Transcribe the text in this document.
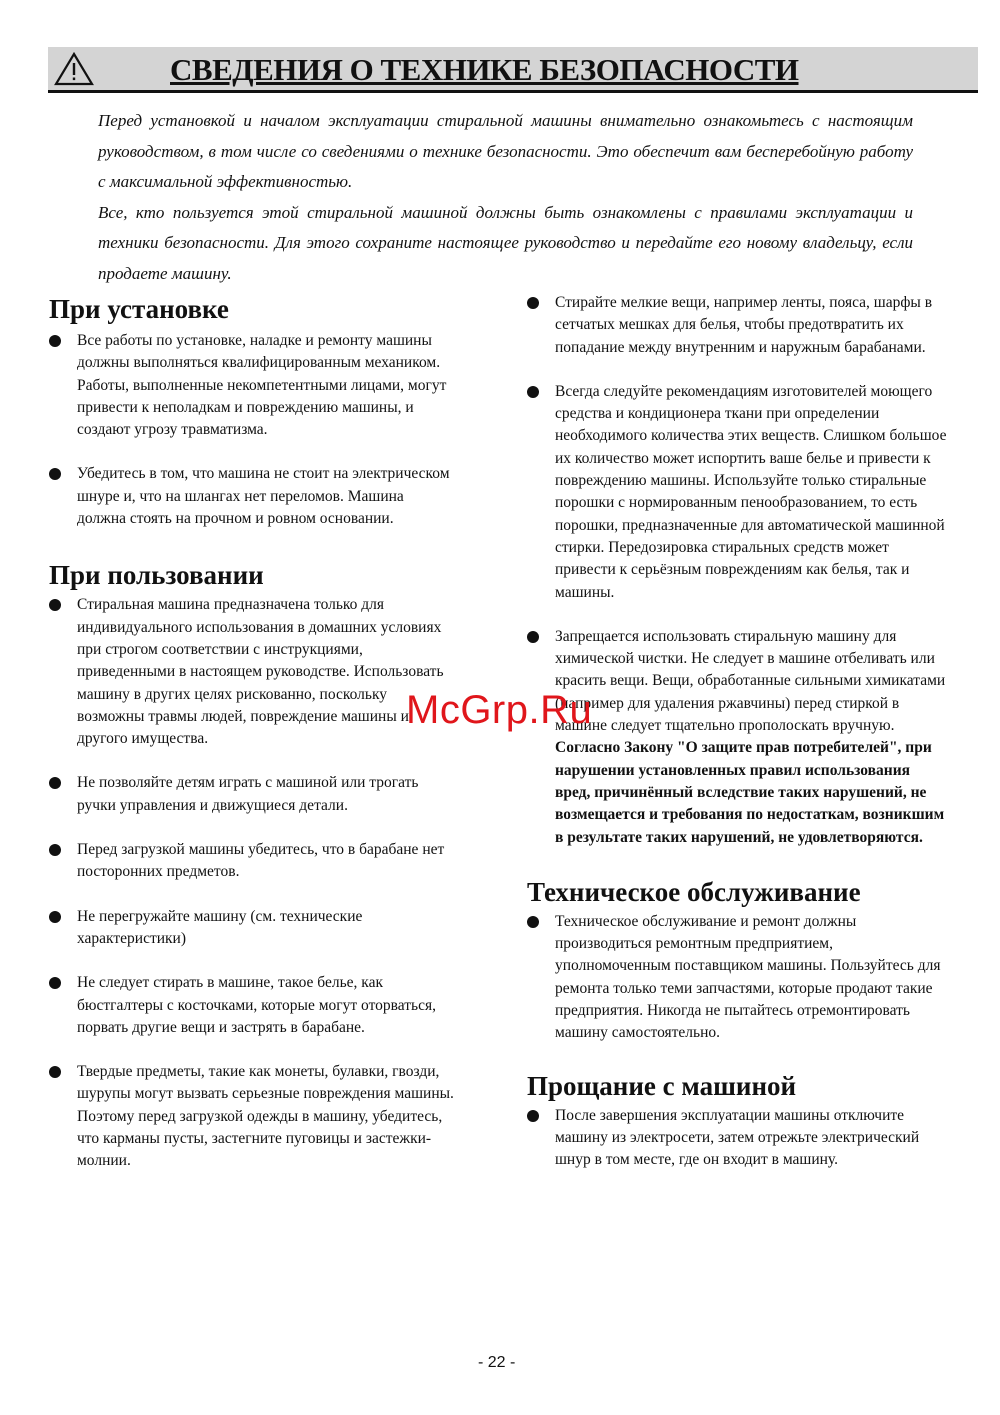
СВЕДЕНИЯ О ТЕХНИКЕ БЕЗОПАСНОСТИ

Перед установкой и началом эксплуатации стиральной машины внимательно ознакомьтесь с настоящим руководством, в том числе со сведениями о технике безопасности. Это обеспечит вам бесперебойную работу с максимальной эффективностью.

Все, кто пользуется этой стиральной машиной должны быть ознакомлены с правилами эксплуатации и техники безопасности. Для этого сохраните настоящее руководство и передайте его новому владельцу, если продаете машину.

При установке
Все работы по установке, наладке и ремонту машины должны выполняться квалифицированным механиком. Работы, выполненные некомпетентными лицами, могут привести к неполадкам и повреждению машины, и создают угрозу травматизма.
Убедитесь в том, что машина не стоит на электрическом шнуре и, что на шлангах нет переломов. Машина должна стоять на прочном и ровном основании.
При пользовании
Стиральная машина предназначена только для индивидуального использования в домашних условиях при строгом соответствии с инструкциями, приведенными в настоящем руководстве. Использовать машину в других целях рискованно, поскольку возможны травмы людей, повреждение машины и другого имущества.
Не позволяйте детям играть с машиной или трогать ручки управления и движущиеся детали.
Перед загрузкой машины убедитесь, что в барабане нет посторонних предметов.
Не перегружайте машину (см. технические характеристики)
Не следует стирать в машине, такое белье, как бюстгалтеры с косточками, которые могут оторваться, порвать другие вещи и застрять в барабане.
Твердые предметы, такие как монеты, булавки, гвозди, шурупы могут вызвать серьезные повреждения машины. Поэтому перед загрузкой одежды в машину, убедитесь, что карманы пусты, застегните пуговицы и застежки-молнии.
Стирайте мелкие вещи, например ленты, пояса, шарфы в сетчатых мешках для белья, чтобы предотвратить их попадание между внутренним и наружным барабанами.
Всегда следуйте рекомендациям изготовителей моющего средства и кондиционера ткани при определении необходимого количества этих веществ. Слишком большое их количество может испортить ваше белье и привести к повреждению машины. Используйте только стиральные порошки с нормированным пенообразованием, то есть порошки, предназначенные для автоматической машинной стирки. Передозировка стиральных средств может привести к серьёзным повреждениям как белья, так и машины.
Запрещается использовать стиральную машину для химической чистки. Не следует в машине отбеливать или красить вещи. Вещи, обработанные сильными химикатами (например для удаления ржавчины) перед стиркой в машине следует тщательно прополоскать вручную.
Согласно Закону "О защите прав потребителей", при нарушении установленных правил использования вред, причинённый вследствие таких нарушений, не возмещается и требования по недостаткам, возникшим в результате таких нарушений, не удовлетворяются.
Техническое обслуживание
Техническое обслуживание и ремонт должны производиться ремонтным предприятием, уполномоченным поставщиком машины. Пользуйтесь для ремонта только теми запчастями, которые продают такие предприятия. Никогда не пытайтесь отремонтировать машину самостоятельно.
Прощание с машиной
После завершения эксплуатации машины отключите машину из электросети, затем отрежьте электрический шнур в том месте, где он входит в машину.
McGrp.Ru
- 22 -
